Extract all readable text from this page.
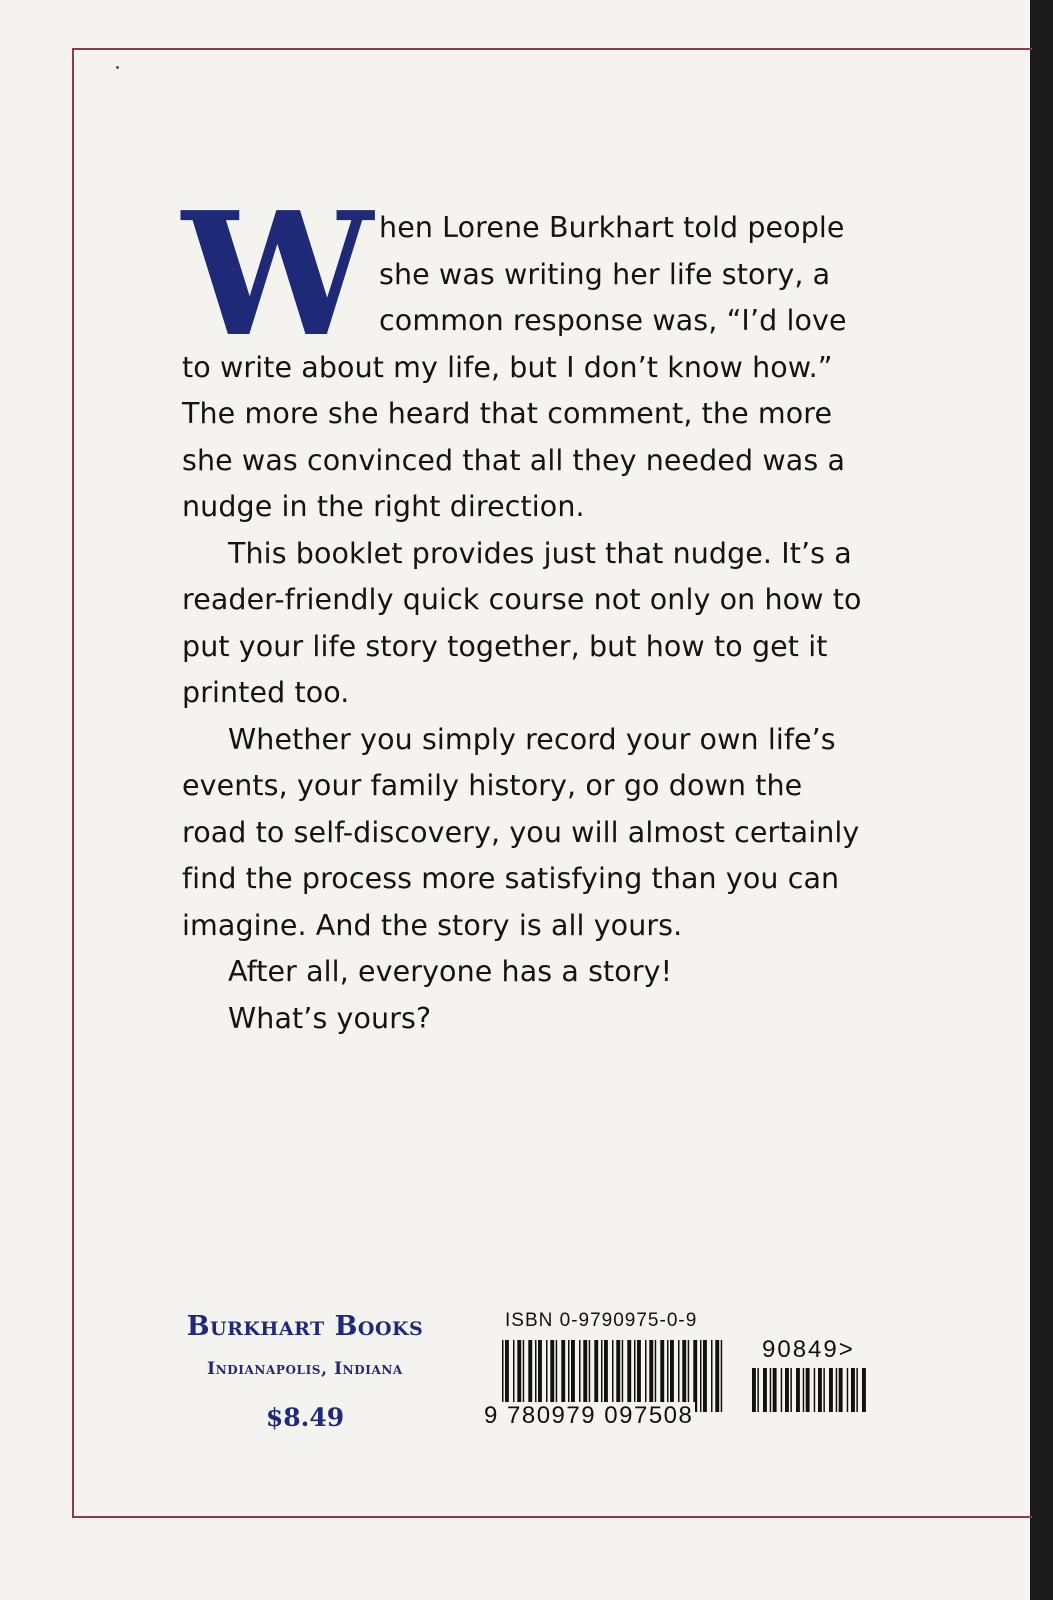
When Lorene Burkhart told people she was writing her life story, a common response was, “I’d love to write about my life, but I don’t know how.” The more she heard that comment, the more she was convinced that all they needed was a nudge in the right direction.

This booklet provides just that nudge. It’s a reader-friendly quick course not only on how to put your life story together, but how to get it printed too.

Whether you simply record your own life’s events, your family history, or go down the road to self-discovery, you will almost certainly find the process more satisfying than you can imagine. And the story is all yours.

After all, everyone has a story!

What’s yours?

Burkhart Books
Indianapolis, Indiana
$8.49
ISBN 0-9790975-0-9
9 780979 097508
90849>
